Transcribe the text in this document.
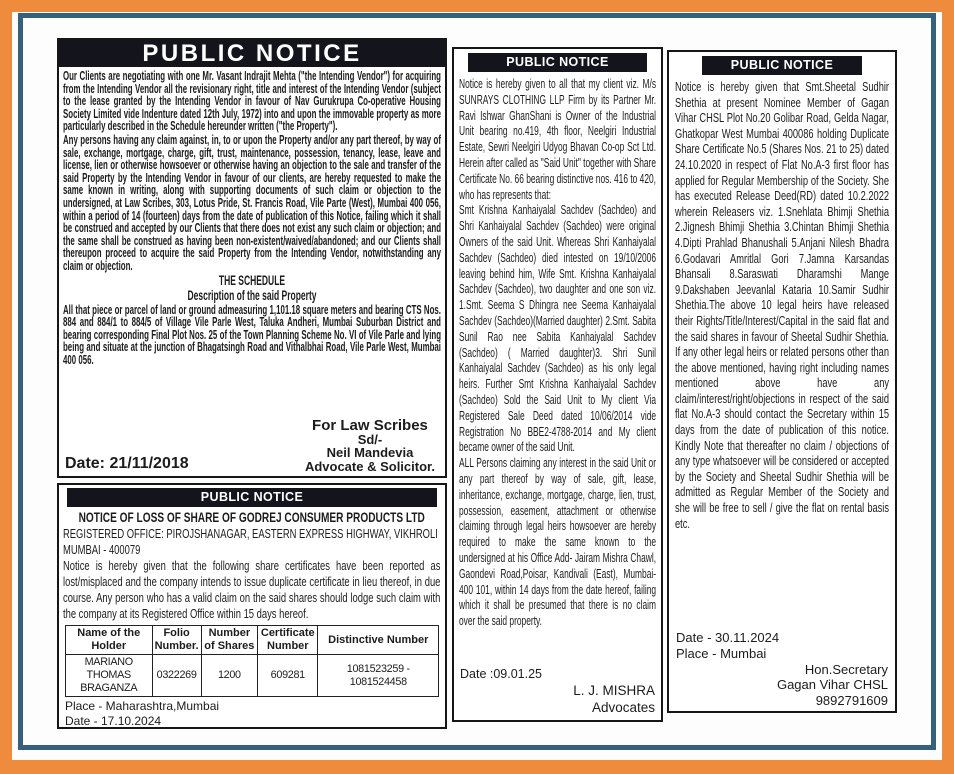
PUBLIC NOTICE

Our Clients are negotiating with one Mr. Vasant Indrajit Mehta ("the Intending Vendor") for acquiring from the Intending Vendor all the revisionary right, title and interest of the Intending Vendor (subject to the lease granted by the Intending Vendor in favour of Nav Gurukrupa Co-operative Housing Society Limited vide Indenture dated 12th July, 1972) into and upon the immovable property as more particularly described in the Schedule hereunder written ("the Property").

Any persons having any claim against, in, to or upon the Property and/or any part thereof, by way of sale, exchange, mortgage, charge, gift, trust, maintenance, possession, tenancy, lease, leave and license, lien or otherwise howsoever or otherwise having an objection to the sale and transfer of the said Property by the Intending Vendor in favour of our clients, are hereby requested to make the same known in writing, along with supporting documents of such claim or objection to the undersigned, at Law Scribes, 303, Lotus Pride, St. Francis Road, Vile Parte (West), Mumbai 400 056, within a period of 14 (fourteen) days from the date of publication of this Notice, failing which it shall be construed and accepted by our Clients that there does not exist any such claim or objection; and the same shall be construed as having been non-existent/waived/abandoned; and our Clients shall thereupon proceed to acquire the said Property from the Intending Vendor, notwithstanding any claim or objection.

THE SCHEDULE
Description of the said Property

All that piece or parcel of land or ground admeasuring 1,101.18 square meters and bearing CTS Nos. 884 and 884/1 to 884/5 of Village Vile Parle West, Taluka Andheri, Mumbai Suburban District and bearing corresponding Final Plot Nos. 25 of the Town Planning Scheme No. VI of Vile Parle and lying being and situate at the junction of Bhagatsingh Road and Vithalbhai Road, Vile Parle West, Mumbai 400 056.

Date: 21/11/2018
For Law Scribes
Sd/-
Neil Mandevia
Advocate & Solicitor.
PUBLIC NOTICE
NOTICE OF LOSS OF SHARE OF GODREJ CONSUMER PRODUCTS LTD
REGISTERED OFFICE: PIROJSHANAGAR, EASTERN EXPRESS HIGHWAY, VIKHROLI MUMBAI - 400079

Notice is hereby given that the following share certificates have been reported as lost/misplaced and the company intends to issue duplicate certificate in lieu thereof, in due course. Any person who has a valid claim on the said shares should lodge such claim with the company at its Registered Office within 15 days hereof.

Name of the Holder	Folio Number.	Number of Shares	Certificate Number	Distinctive Number
MARIANO THOMAS BRAGANZA	0322269	1200	609281	1081523259 - 1081524458
Place - Maharashtra,Mumbai
Date - 17.10.2024
PUBLIC NOTICE

Notice is hereby given to all that my client viz. M/s SUNRAYS CLOTHING LLP Firm by its Partner Mr. Ravi Ishwar GhanShani is Owner of the Industrial Unit bearing no.419, 4th floor, Neelgiri Industrial Estate, Sewri Neelgiri Udyog Bhavan Co-op Sct Ltd. Herein after called as "Said Unit" together with Share Certificate No. 66 bearing distinctive nos. 416 to 420, who has represents that:

Smt Krishna Kanhaiyalal Sachdev (Sachdeo) and Shri Kanhaiyalal Sachdev (Sachdeo) were original Owners of the said Unit. Whereas Shri Kanhaiyalal Sachdev (Sachdeo) died intested on 19/10/2006 leaving behind him, Wife Smt. Krishna Kanhaiyalal Sachdev (Sachdeo), two daughter and one son viz. 1.Smt. Seema S Dhingra nee Seema Kanhaiyalal Sachdev (Sachdeo)(Married daughter) 2.Smt. Sabita Sunil Rao nee Sabita Kanhaiyalal Sachdev (Sachdeo) ( Married daughter)3. Shri Sunil Kanhaiyalal Sachdev (Sachdeo) as his only legal heirs. Further Smt Krishna Kanhaiyalal Sachdev (Sachdeo) Sold the Said Unit to My client Via Registered Sale Deed dated 10/06/2014 vide Registration No BBE2-4788-2014 and My client became owner of the said Unit.

ALL Persons claiming any interest in the said Unit or any part thereof by way of sale, gift, lease, inheritance, exchange, mortgage, charge, lien, trust, possession, easement, attachment or otherwise claiming through legal heirs howsoever are hereby required to make the same known to the undersigned at his Office Add- Jairam Mishra Chawl, Gaondevi Road,Poisar, Kandivali (East), Mumbai- 400 101, within 14 days from the date hereof, failing which it shall be presumed that there is no claim over the said property.

Date :09.01.25
L. J. MISHRA
Advocates
PUBLIC NOTICE

Notice is hereby given that Smt.Sheetal Sudhir Shethia at present Nominee Member of Gagan Vihar CHSL Plot No.20 Golibar Road, Gelda Nagar, Ghatkopar West Mumbai 400086 holding Duplicate Share Certificate No.5 (Shares Nos. 21 to 25) dated 24.10.2020 in respect of Flat No.A-3 first floor has applied for Regular Membership of the Society. She has executed Release Deed(RD) dated 10.2.2022 wherein Releasers viz. 1.Snehlata Bhimji Shethia 2.Jignesh Bhimji Shethia 3.Chintan Bhimji Shethia 4.Dipti Prahlad Bhanushali 5.Anjani Nilesh Bhadra 6.Godavari Amritlal Gori 7.Jamna Karsandas Bhansali 8.Saraswati Dharamshi Mange 9.Dakshaben Jeevanlal Kataria 10.Samir Sudhir Shethia.The above 10 legal heirs have released their Rights/Title/Interest/Capital in the said flat and the said shares in favour of Sheetal Sudhir Shethia. If any other legal heirs or related persons other than the above mentioned, having right including names mentioned above have any claim/interest/right/objections in respect of the said flat No.A-3 should contact the Secretary within 15 days from the date of publication of this notice. Kindly Note that thereafter no claim / objections of any type whatsoever will be considered or accepted by the Society and Sheetal Sudhir Shethia will be admitted as Regular Member of the Society and she will be free to sell / give the flat on rental basis etc.

Date - 30.11.2024
Place - Mumbai
Hon.Secretary
Gagan Vihar CHSL
9892791609
